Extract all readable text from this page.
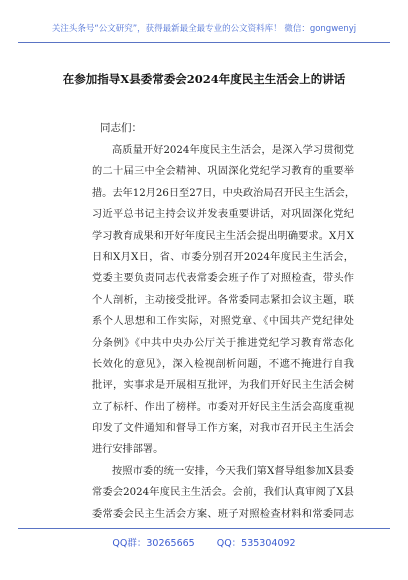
关注头条号“公文研究”，获得最新最全最专业的公文资料库！ 微信：gongwenyj
在参加指导X县委常委会2024年度民主生活会上的讲话
同志们：
高质量开好2024年度民主生活会，是深入学习贯彻党
的二十届三中全会精神、巩固深化党纪学习教育的重要举
措。去年12月26日至27日，中央政治局召开民主生活会，
习近平总书记主持会议并发表重要讲话，对巩固深化党纪
学习教育成果和开好年度民主生活会提出明确要求。X月X
日和X月X日，省、市委分别召开2024年度民主生活会，
党委主要负责同志代表常委会班子作了对照检查，带头作
个人剖析，主动接受批评。各常委同志紧扣会议主题，联
系个人思想和工作实际，对照党章、《中国共产党纪律处
分条例》《中共中央办公厅关于推进党纪学习教育常态化
长效化的意见》，深入检视剖析问题，不遮不掩进行自我
批评，实事求是开展相互批评，为我们开好民主生活会树
立了标杆、作出了榜样。市委对开好民主生活会高度重视
印发了文件通知和督导工作方案，对我市召开民主生活会
进行安排部署。
按照市委的统一安排，今天我们第X督导组参加X县委
常委会2024年度民主生活会。会前，我们认真审阅了X县
委常委会民主生活会方案、班子对照检查材料和常委同志
QQ群：30265665 QQ：535304092
